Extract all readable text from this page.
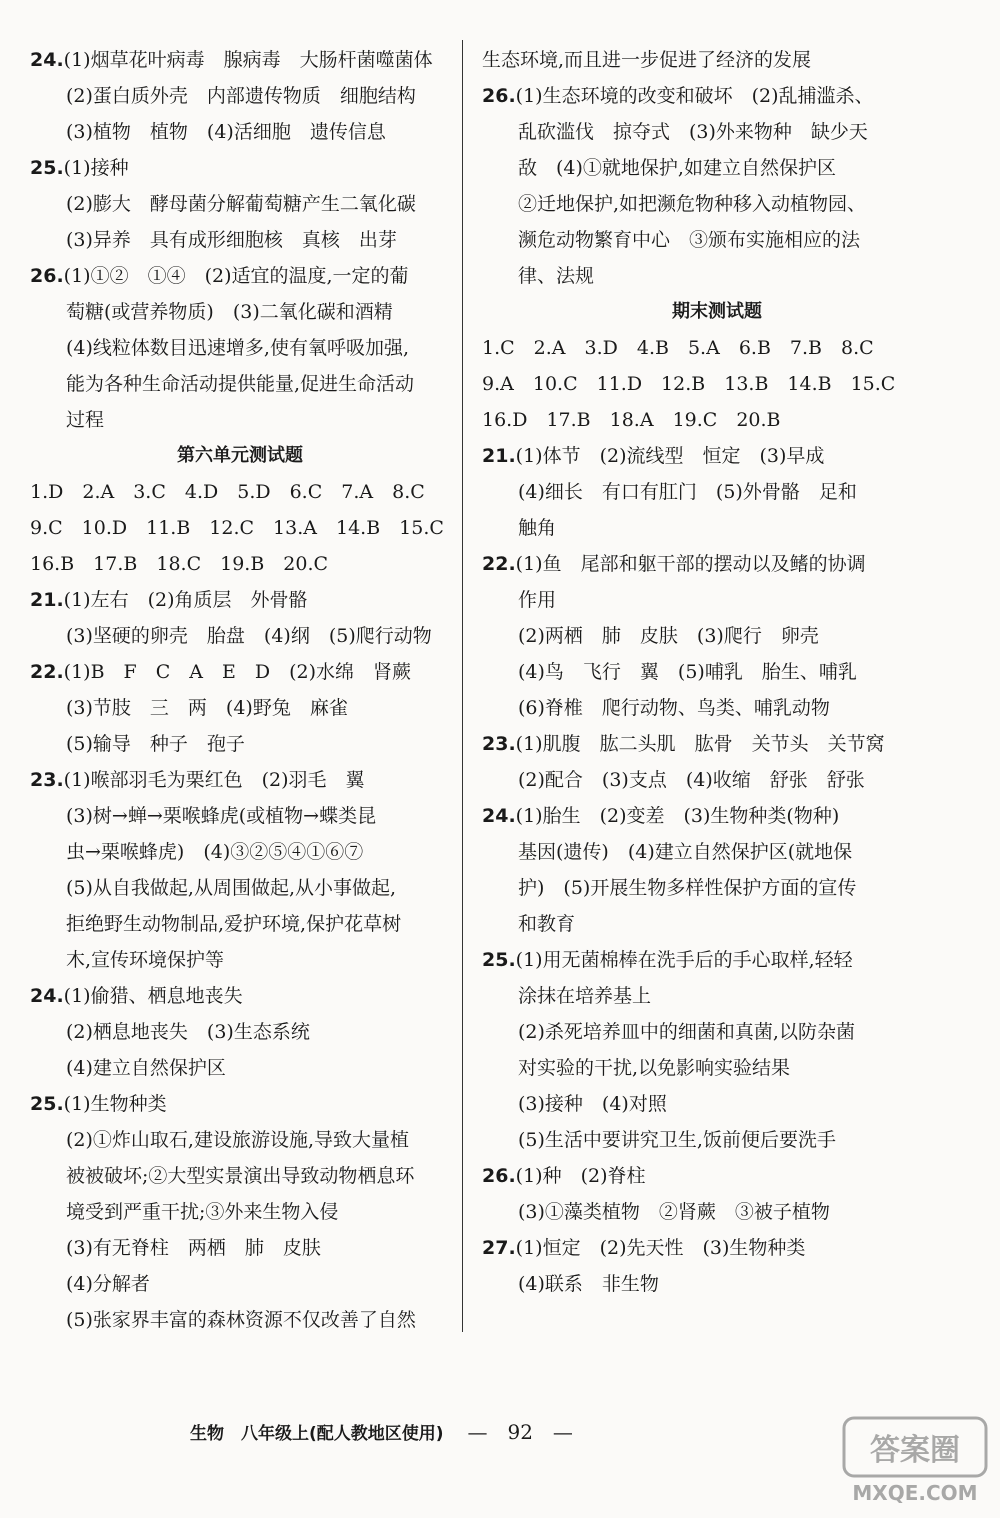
24.(1)烟草花叶病毒　腺病毒　大肠杆菌噬菌体
(2)蛋白质外壳　内部遗传物质　细胞结构
(3)植物　植物　(4)活细胞　遗传信息
25.(1)接种
(2)膨大　酵母菌分解葡萄糖产生二氧化碳
(3)异养　具有成形细胞核　真核　出芽
26.(1)①②　①④　(2)适宜的温度,一定的葡
萄糖(或营养物质)　(3)二氧化碳和酒精
(4)线粒体数目迅速增多,使有氧呼吸加强,
能为各种生命活动提供能量,促进生命活动
过程
第六单元测试题
1.D　2.A　3.C　4.D　5.D　6.C　7.A　8.C
9.C　10.D　11.B　12.C　13.A　14.B　15.C
16.B　17.B　18.C　19.B　20.C
21.(1)左右　(2)角质层　外骨骼
(3)坚硬的卵壳　胎盘　(4)纲　(5)爬行动物
22.(1)B　F　C　A　E　D　(2)水绵　肾蕨
(3)节肢　三　两　(4)野兔　麻雀
(5)输导　种子　孢子
23.(1)喉部羽毛为栗红色　(2)羽毛　翼
(3)树→蝉→栗喉蜂虎(或植物→蝶类昆
虫→栗喉蜂虎)　(4)③②⑤④①⑥⑦
(5)从自我做起,从周围做起,从小事做起,
拒绝野生动物制品,爱护环境,保护花草树
木,宣传环境保护等
24.(1)偷猎、栖息地丧失
(2)栖息地丧失　(3)生态系统
(4)建立自然保护区
25.(1)生物种类
(2)①炸山取石,建设旅游设施,导致大量植
被被破坏;②大型实景演出导致动物栖息环
境受到严重干扰;③外来生物入侵
(3)有无脊柱　两栖　肺　皮肤
(4)分解者
(5)张家界丰富的森林资源不仅改善了自然
生态环境,而且进一步促进了经济的发展
26.(1)生态环境的改变和破坏　(2)乱捕滥杀、
乱砍滥伐　掠夺式　(3)外来物种　缺少天
敌　(4)①就地保护,如建立自然保护区
②迁地保护,如把濒危物种移入动植物园、
濒危动物繁育中心　③颁布实施相应的法
律、法规
期末测试题
1.C　2.A　3.D　4.B　5.A　6.B　7.B　8.C
9.A　10.C　11.D　12.B　13.B　14.B　15.C
16.D　17.B　18.A　19.C　20.B
21.(1)体节　(2)流线型　恒定　(3)早成
(4)细长　有口有肛门　(5)外骨骼　足和
触角
22.(1)鱼　尾部和躯干部的摆动以及鳍的协调
作用
(2)两栖　肺　皮肤　(3)爬行　卵壳
(4)鸟　飞行　翼　(5)哺乳　胎生、哺乳
(6)脊椎　爬行动物、鸟类、哺乳动物
23.(1)肌腹　肱二头肌　肱骨　关节头　关节窝
(2)配合　(3)支点　(4)收缩　舒张　舒张
24.(1)胎生　(2)变差　(3)生物种类(物种)
基因(遗传)　(4)建立自然保护区(就地保
护)　(5)开展生物多样性保护方面的宣传
和教育
25.(1)用无菌棉棒在洗手后的手心取样,轻轻
涂抹在培养基上
(2)杀死培养皿中的细菌和真菌,以防杂菌
对实验的干扰,以免影响实验结果
(3)接种　(4)对照
(5)生活中要讲究卫生,饭前便后要洗手
26.(1)种　(2)脊柱
(3)①藻类植物　②肾蕨　③被子植物
27.(1)恒定　(2)先天性　(3)生物种类
(4)联系　非生物
生物　八年级上(配人教地区使用) —　92　—
答案圈
MXQE.COM
